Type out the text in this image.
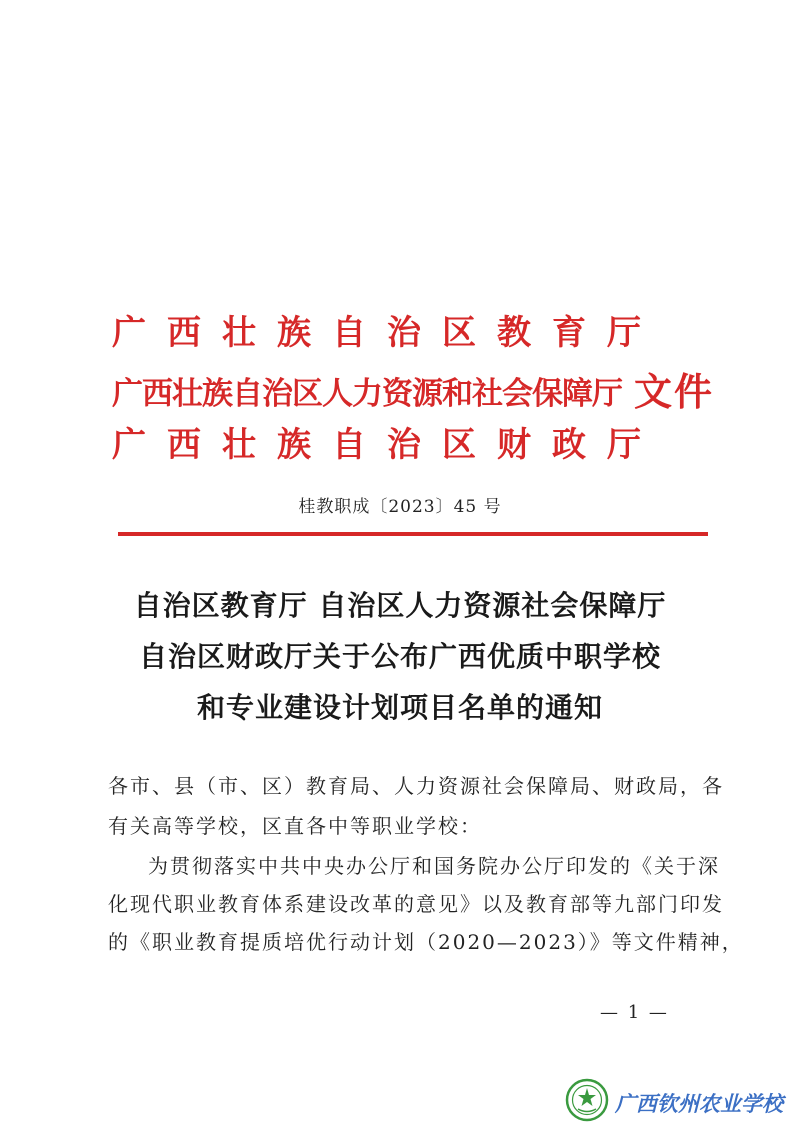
广西壮族自治区教育厅
广西壮族自治区人力资源和社会保障厅 文件
广西壮族自治区财政厅
桂教职成〔2023〕45 号
自治区教育厅 自治区人力资源社会保障厅
自治区财政厅关于公布广西优质中职学校
和专业建设计划项目名单的通知
各市、县（市、区）教育局、人力资源社会保障局、财政局，各
有关高等学校，区直各中等职业学校：
为贯彻落实中共中央办公厅和国务院办公厅印发的《关于深
化现代职业教育体系建设改革的意见》以及教育部等九部门印发
的《职业教育提质培优行动计划（2020—2023）》等文件精神，
— 1 —
广西钦州农业学校
